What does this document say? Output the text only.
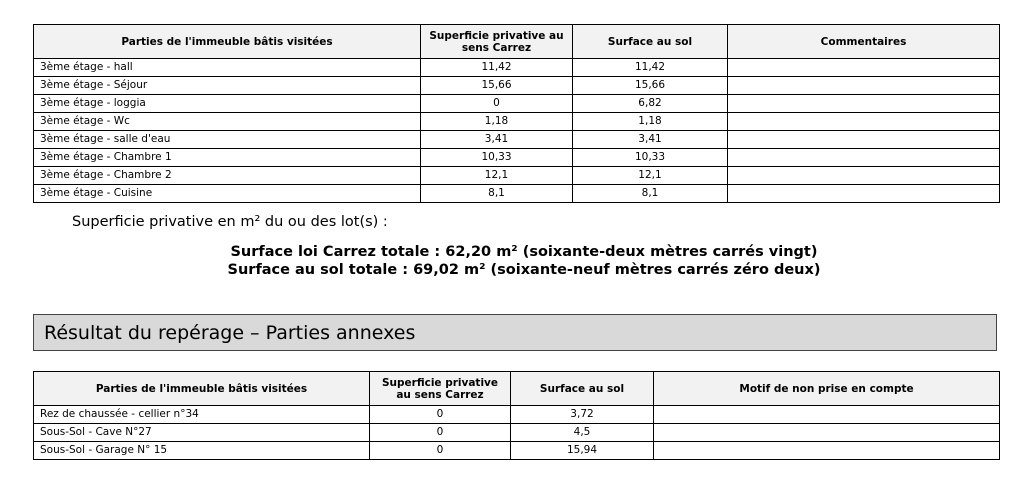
Parties de l'immeuble bâtis visitées	Superficie privative au sens Carrez	Surface au sol	Commentaires
3ème étage - hall	11,42	11,42	
3ème étage - Séjour	15,66	15,66	
3ème étage - loggia	0	6,82	
3ème étage - Wc	1,18	1,18	
3ème étage - salle d'eau	3,41	3,41	
3ème étage - Chambre 1	10,33	10,33	
3ème étage - Chambre 2	12,1	12,1	
3ème étage - Cuisine	8,1	8,1	
Superficie privative en m² du ou des lot(s) :
Surface loi Carrez totale : 62,20 m² (soixante-deux mètres carrés vingt)
Surface au sol totale : 69,02 m² (soixante-neuf mètres carrés zéro deux)
Résultat du repérage – Parties annexes
Parties de l'immeuble bâtis visitées	Superficie privative au sens Carrez	Surface au sol	Motif de non prise en compte
Rez de chaussée - cellier n°34	0	3,72	
Sous-Sol - Cave N°27	0	4,5	
Sous-Sol - Garage N° 15	0	15,94	
